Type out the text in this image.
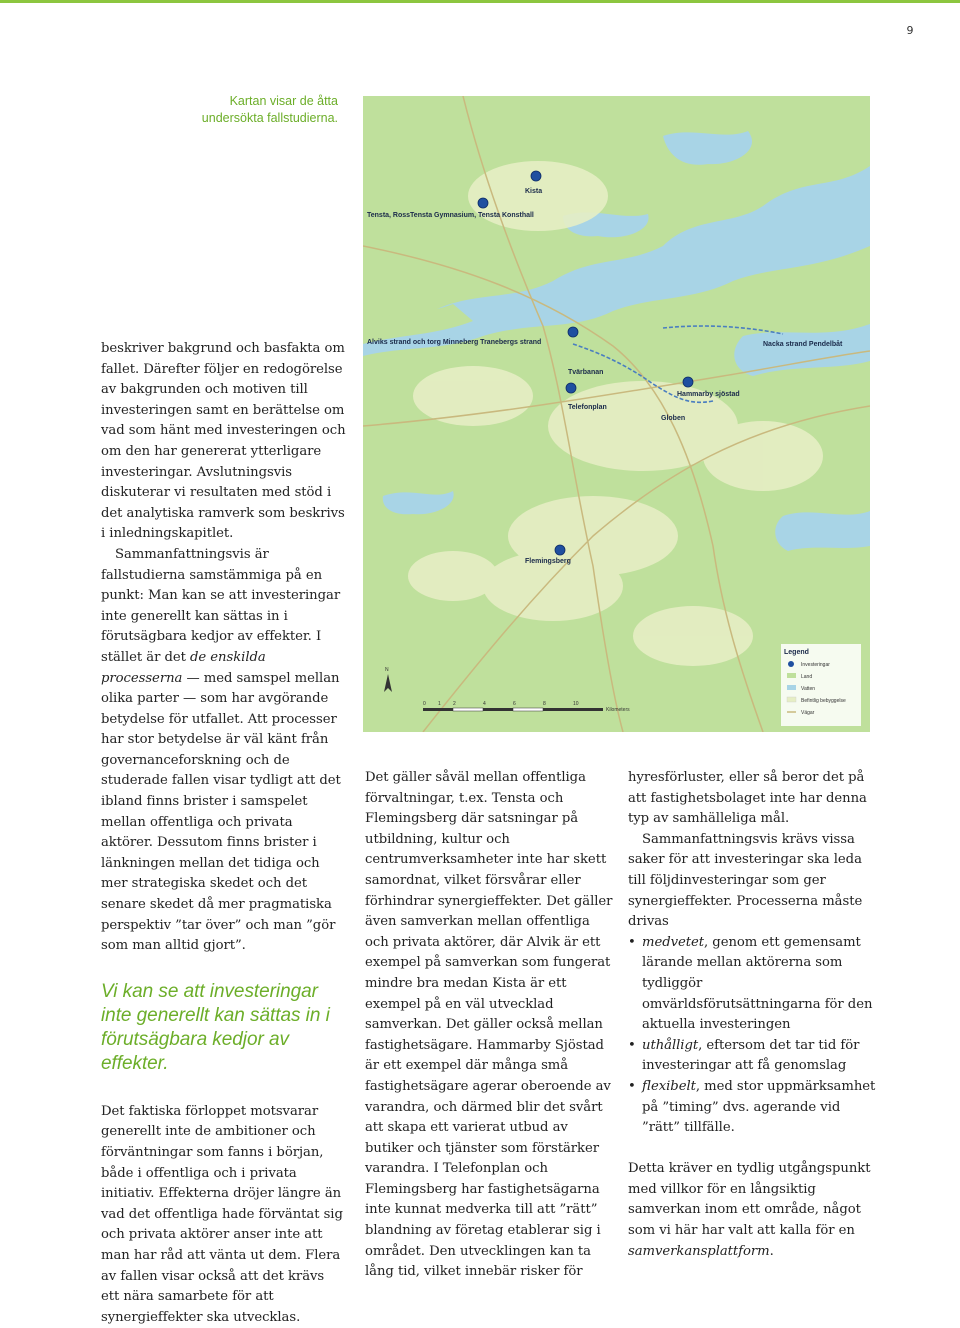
9
Kartan visar de åtta
undersökta fallstudierna.
Kista
Tensta, RossTensta Gymnasium, Tensta Konsthall
Alviks strand och torg Minneberg Tranebergs strand	Nacka strand Pendelbåt
Tvärbanan
Telefonplan
Hammarby sjöstad
Globen
Flemingsberg
N
0 1 2	4	6	8	10
Kilometers
Legend
Investeringar
Land
Vatten
Befintlig bebyggelse
Vägar

beskriver bakgrund och basfakta om fallet. Därefter följer en redogörelse av bakgrunden och motiven till investeringen samt en berättelse om vad som hänt med investeringen och om den har genererat ytterligare investeringar. Avslutningsvis diskuterar vi resultaten med stöd i det analytiska ramverk som beskrivs i inledningskapitlet.

Sammanfattningsvis är fallstudierna samstämmiga på en punkt: Man kan se att investeringar inte generellt kan sättas in i förutsägbara kedjor av effekter. I stället är det de enskilda processerna — med samspel mellan olika parter — som har avgörande betydelse för utfallet. Att processer har stor betydelse är väl känt från governanceforskning och de studerade fallen visar tydligt att det ibland finns brister i samspelet mellan offentliga och privata aktörer. Dessutom finns brister i länkningen mellan det tidiga och mer strategiska skedet och det senare skedet då mer pragmatiska perspektiv ”tar över” och man ”gör som man alltid gjort”.

Vi kan se att investeringar inte generellt kan sättas in i förutsägbara kedjor av effekter.

Det faktiska förloppet motsvarar generellt inte de ambitioner och förväntningar som fanns i början, både i offentliga och i privata initiativ. Effekterna dröjer längre än vad det offentliga hade förväntat sig och privata aktörer anser inte att man har råd att vänta ut dem. Flera av fallen visar också att det krävs ett nära samarbete för att synergieffekter ska utvecklas.

Det gäller såväl mellan offentliga förvaltningar, t.ex. Tensta och Flemingsberg där satsningar på utbildning, kultur och centrumverksamheter inte har skett samordnat, vilket försvårar eller förhindrar synergieffekter. Det gäller även samverkan mellan offentliga och privata aktörer, där Alvik är ett exempel på samverkan som fungerat mindre bra medan Kista är ett exempel på en väl utvecklad samverkan. Det gäller också mellan fastighetsägare. Hammarby Sjöstad är ett exempel där många små fastighetsägare agerar oberoende av varandra, och därmed blir det svårt att skapa ett varierat utbud av butiker och tjänster som förstärker varandra. I Telefonplan och Flemingsberg har fastighetsägarna inte kunnat medverka till att ”rätt” blandning av företag etablerar sig i området. Den utvecklingen kan ta lång tid, vilket innebär risker för

hyresförluster, eller så beror det på att fastighetsbolaget inte har denna typ av samhälleliga mål.

Sammanfattningsvis krävs vissa saker för att investeringar ska leda till följdinvesteringar som ger synergieffekter. Processerna måste drivas

• medvetet, genom ett gemensamt lärande mellan aktörerna som tydliggör omvärldsförutsättningarna för den aktuella investeringen
• uthålligt, eftersom det tar tid för investeringar att få genomslag
• flexibelt, med stor uppmärksamhet på ”timing” dvs. agerande vid ”rätt” tillfälle.

Detta kräver en tydlig utgångspunkt med villkor för en långsiktig samverkan inom ett område, något som vi här har valt att kalla för en samverkansplattform.
